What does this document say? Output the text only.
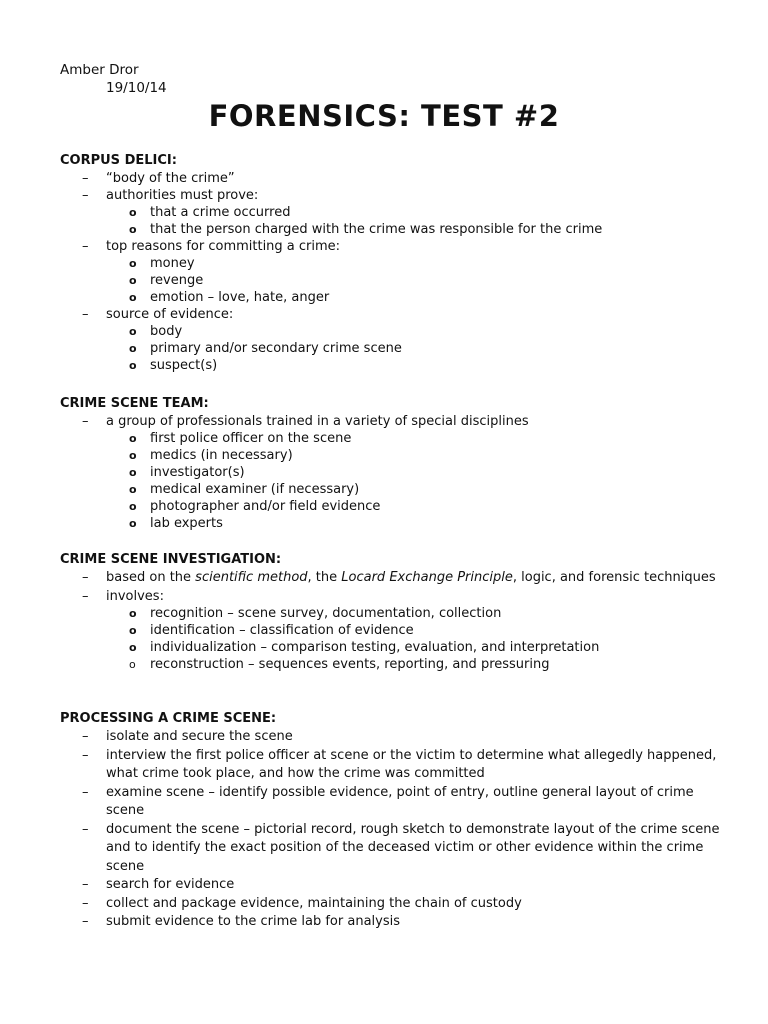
Amber Dror
19/10/14
FORENSICS: TEST #2
CORPUS DELICI:
– “body of the crime”
– authorities must prove:
o that a crime occurred
o that the person charged with the crime was responsible for the crime
– top reasons for committing a crime:
o money
o revenge
o emotion – love, hate, anger
– source of evidence:
o body
o primary and/or secondary crime scene
o suspect(s)
CRIME SCENE TEAM:
– a group of professionals trained in a variety of special disciplines
o first police officer on the scene
o medics (in necessary)
o investigator(s)
o medical examiner (if necessary)
o photographer and/or field evidence
o lab experts
CRIME SCENE INVESTIGATION:
– based on the scientific method, the Locard Exchange Principle, logic, and forensic techniques
– involves:
o recognition – scene survey, documentation, collection
o identification – classification of evidence
o individualization – comparison testing, evaluation, and interpretation
o reconstruction – sequences events, reporting, and pressuring
PROCESSING A CRIME SCENE:
– isolate and secure the scene
– interview the first police officer at scene or the victim to determine what allegedly happened, what crime took place, and how the crime was committed
– examine scene – identify possible evidence, point of entry, outline general layout of crime scene
– document the scene – pictorial record, rough sketch to demonstrate layout of the crime scene and to identify the exact position of the deceased victim or other evidence within the crime scene
– search for evidence
– collect and package evidence, maintaining the chain of custody
– submit evidence to the crime lab for analysis
